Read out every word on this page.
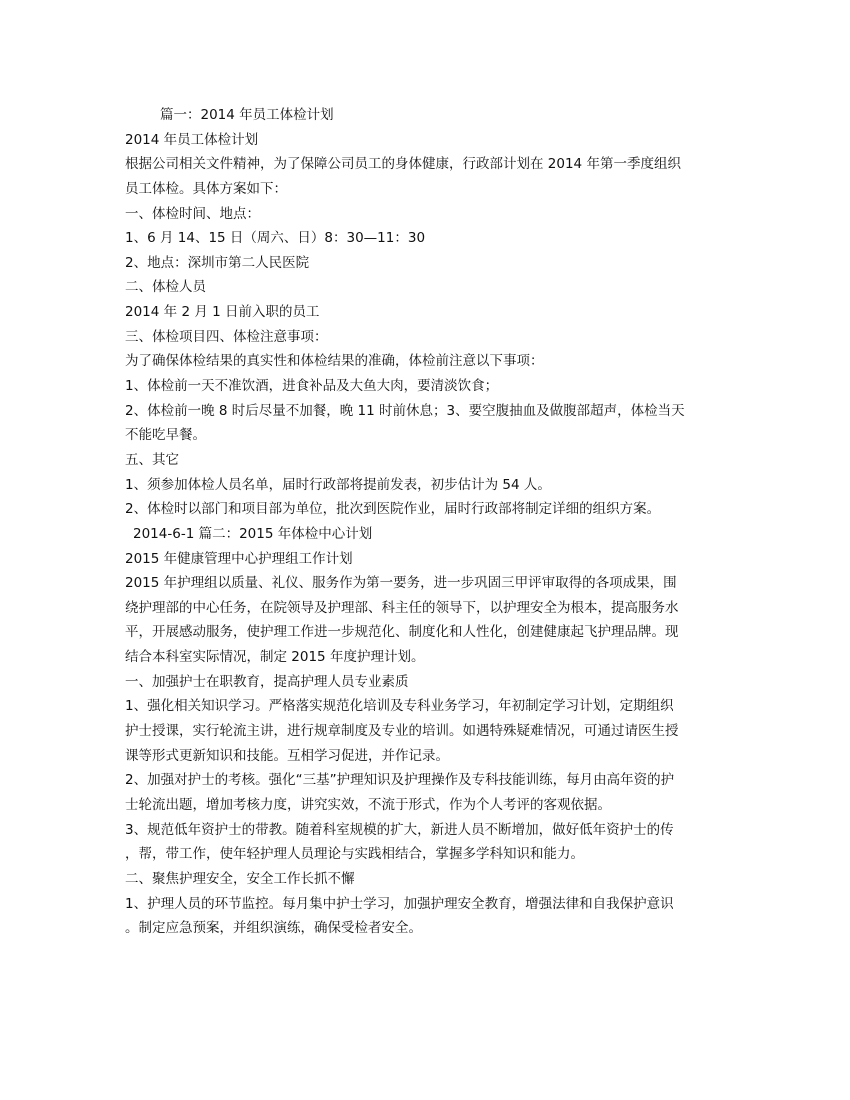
篇一：2014 年员工体检计划
2014 年员工体检计划
根据公司相关文件精神，为了保障公司员工的身体健康，行政部计划在 2014 年第一季度组织
员工体检。具体方案如下：
一、体检时间、地点：
1、6 月 14、15 日（周六、日）8：30—11：30
2、地点：深圳市第二人民医院
二、体检人员
2014 年 2 月 1 日前入职的员工
三、体检项目四、体检注意事项：
为了确保体检结果的真实性和体检结果的准确，体检前注意以下事项：
1、体检前一天不准饮酒，进食补品及大鱼大肉，要清淡饮食；
2、体检前一晚 8 时后尽量不加餐，晚 11 时前休息；3、要空腹抽血及做腹部超声，体检当天
不能吃早餐。
五、其它
1、须参加体检人员名单，届时行政部将提前发表，初步估计为 54 人。
2、体检时以部门和项目部为单位，批次到医院作业，届时行政部将制定详细的组织方案。
2014-6-1 篇二：2015 年体检中心计划
2015 年健康管理中心护理组工作计划
2015 年护理组以质量、礼仪、服务作为第一要务，进一步巩固三甲评审取得的各项成果，围
绕护理部的中心任务，在院领导及护理部、科主任的领导下，以护理安全为根本，提高服务水
平，开展感动服务，使护理工作进一步规范化、制度化和人性化，创建健康起飞护理品牌。现
结合本科室实际情况，制定 2015 年度护理计划。
一、加强护士在职教育，提高护理人员专业素质
1、强化相关知识学习。严格落实规范化培训及专科业务学习，年初制定学习计划，定期组织
护士授课，实行轮流主讲，进行规章制度及专业的培训。如遇特殊疑难情况，可通过请医生授
课等形式更新知识和技能。互相学习促进，并作记录。
2、加强对护士的考核。强化“三基”护理知识及护理操作及专科技能训练，每月由高年资的护
士轮流出题，增加考核力度，讲究实效，不流于形式，作为个人考评的客观依据。
3、规范低年资护士的带教。随着科室规模的扩大，新进人员不断增加，做好低年资护士的传
，帮，带工作，使年轻护理人员理论与实践相结合，掌握多学科知识和能力。
二、聚焦护理安全，安全工作长抓不懈
1、护理人员的环节监控。每月集中护士学习，加强护理安全教育，增强法律和自我保护意识
。制定应急预案，并组织演练，确保受检者安全。
